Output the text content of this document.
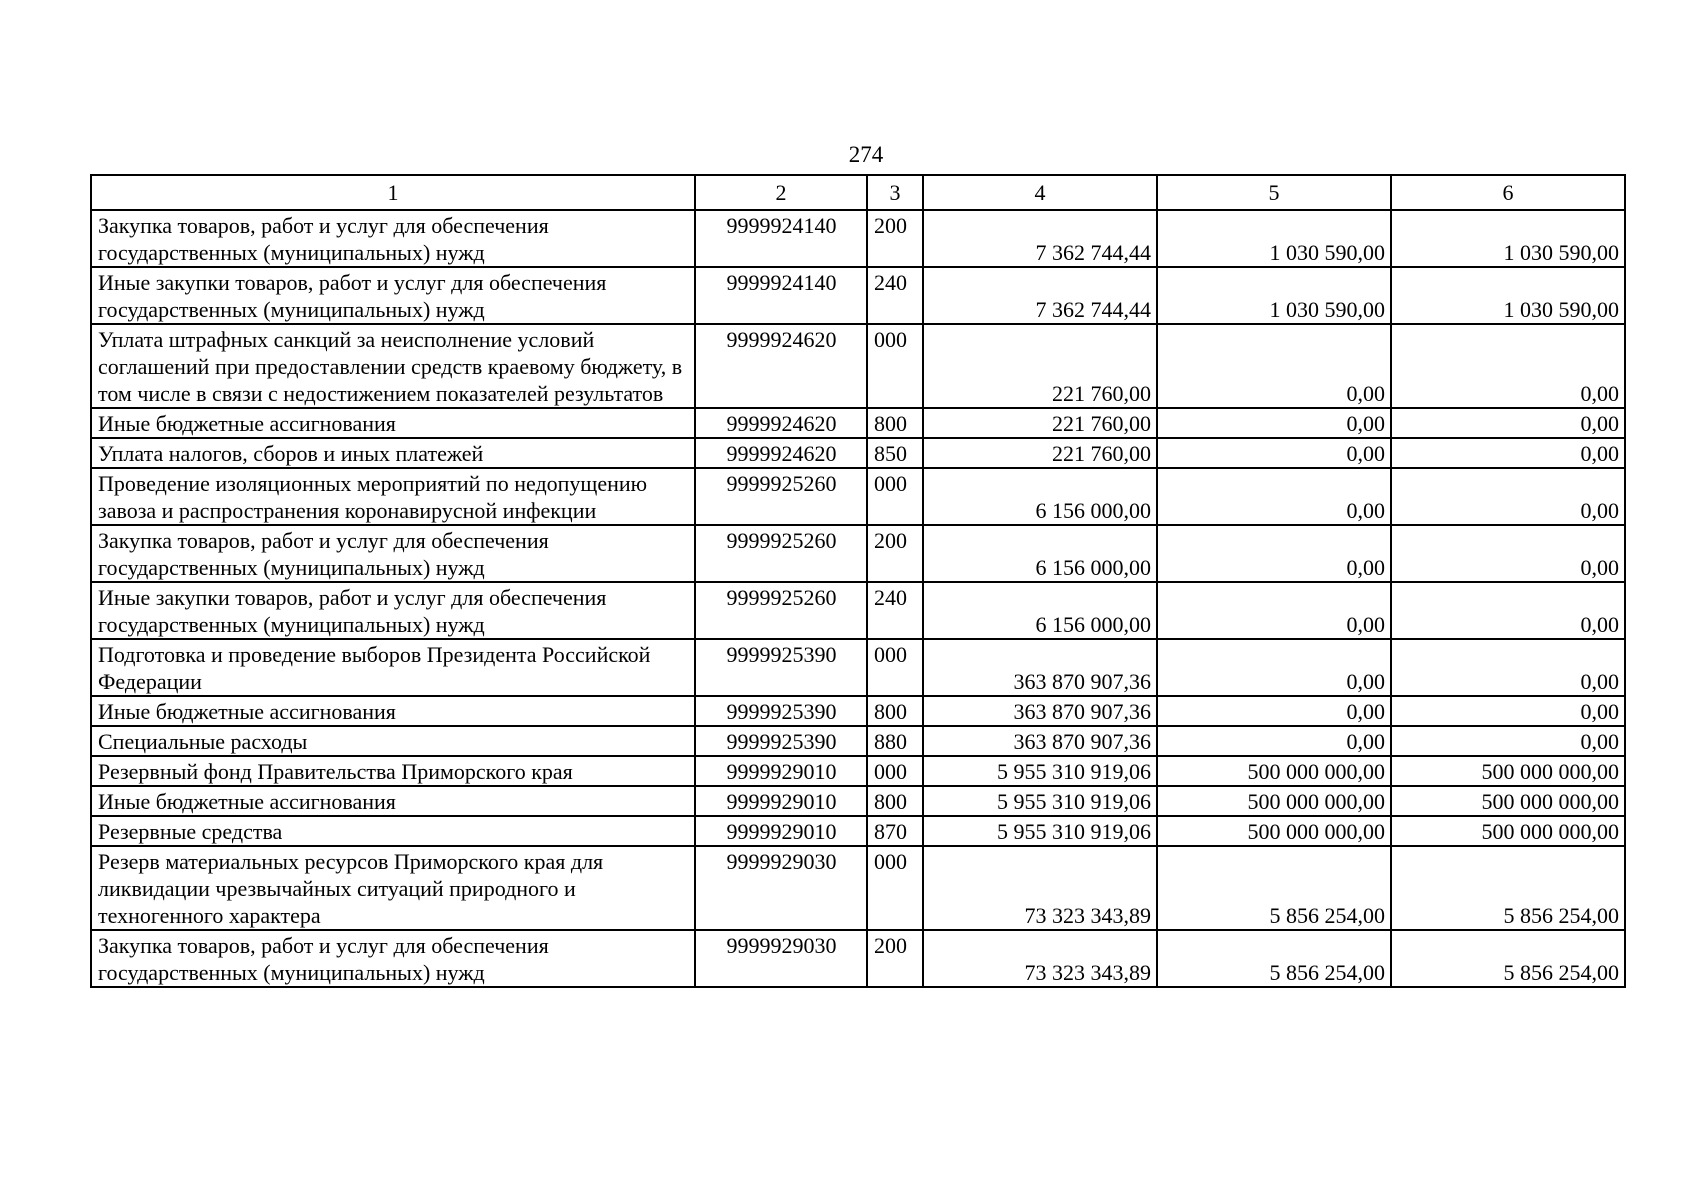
274
1	2	3	4	5	6
Закупка товаров, работ и услуг для обеспечения государственных (муниципальных) нужд	9999924140	200	7 362 744,44	1 030 590,00	1 030 590,00
Иные закупки товаров, работ и услуг для обеспечения государственных (муниципальных) нужд	9999924140	240	7 362 744,44	1 030 590,00	1 030 590,00
Уплата штрафных санкций за неисполнение условий соглашений при предоставлении средств краевому бюджету, в том числе в связи с недостижением показателей результатов	9999924620	000	221 760,00	0,00	0,00
Иные бюджетные ассигнования	9999924620	800	221 760,00	0,00	0,00
Уплата налогов, сборов и иных платежей	9999924620	850	221 760,00	0,00	0,00
Проведение изоляционных мероприятий по недопущению завоза и распространения коронавирусной инфекции	9999925260	000	6 156 000,00	0,00	0,00
Закупка товаров, работ и услуг для обеспечения государственных (муниципальных) нужд	9999925260	200	6 156 000,00	0,00	0,00
Иные закупки товаров, работ и услуг для обеспечения государственных (муниципальных) нужд	9999925260	240	6 156 000,00	0,00	0,00
Подготовка и проведение выборов Президента Российской Федерации	9999925390	000	363 870 907,36	0,00	0,00
Иные бюджетные ассигнования	9999925390	800	363 870 907,36	0,00	0,00
Специальные расходы	9999925390	880	363 870 907,36	0,00	0,00
Резервный фонд Правительства Приморского края	9999929010	000	5 955 310 919,06	500 000 000,00	500 000 000,00
Иные бюджетные ассигнования	9999929010	800	5 955 310 919,06	500 000 000,00	500 000 000,00
Резервные средства	9999929010	870	5 955 310 919,06	500 000 000,00	500 000 000,00
Резерв материальных ресурсов Приморского края для ликвидации чрезвычайных ситуаций природного и техногенного характера	9999929030	000	73 323 343,89	5 856 254,00	5 856 254,00
Закупка товаров, работ и услуг для обеспечения государственных (муниципальных) нужд	9999929030	200	73 323 343,89	5 856 254,00	5 856 254,00
